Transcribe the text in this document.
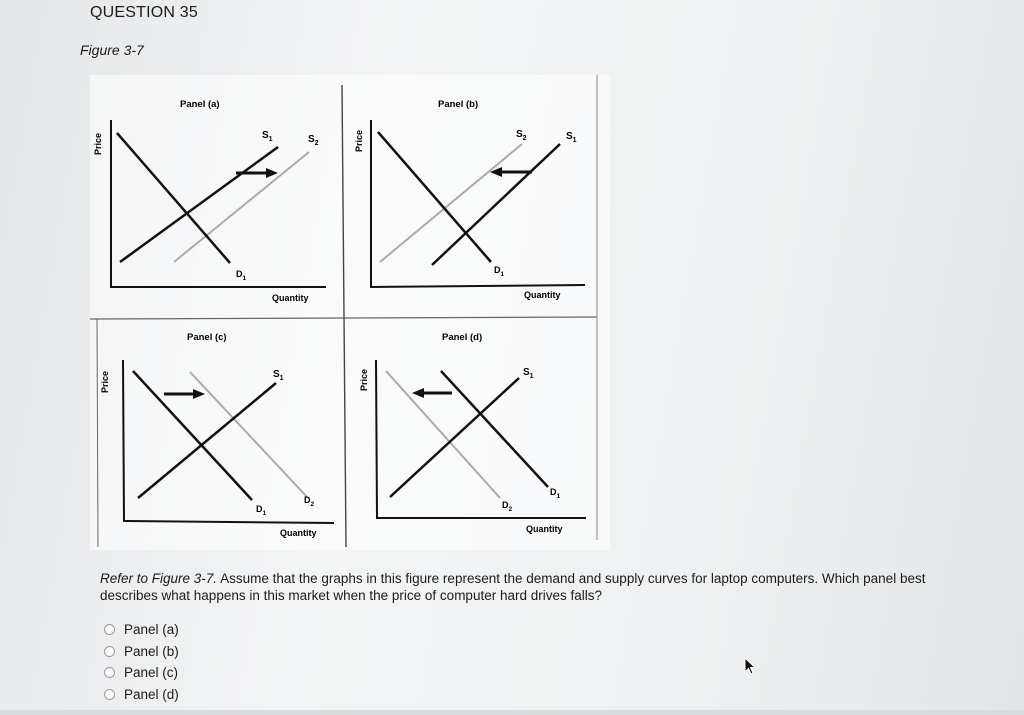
QUESTION 35
Figure 3-7
Panel (a)
Price	$S_1$	$S_2$
$D_1$
Quantity
Panel (b)
Price	$S_2$	$S_1$
$D_1$
Quantity
Panel (c)
Price	$S_1$
$D_1$
$D_2$
Quantity
Panel (d)
Price	$S_1$
$D_2$
$D_1$
Quantity
Refer to Figure 3-7. Assume that the graphs in this figure represent the demand and supply curves for laptop computers. Which panel best describes what happens in this market when the price of computer hard drives falls?
Panel (a)
Panel (b)
Panel (c)
Panel (d)
